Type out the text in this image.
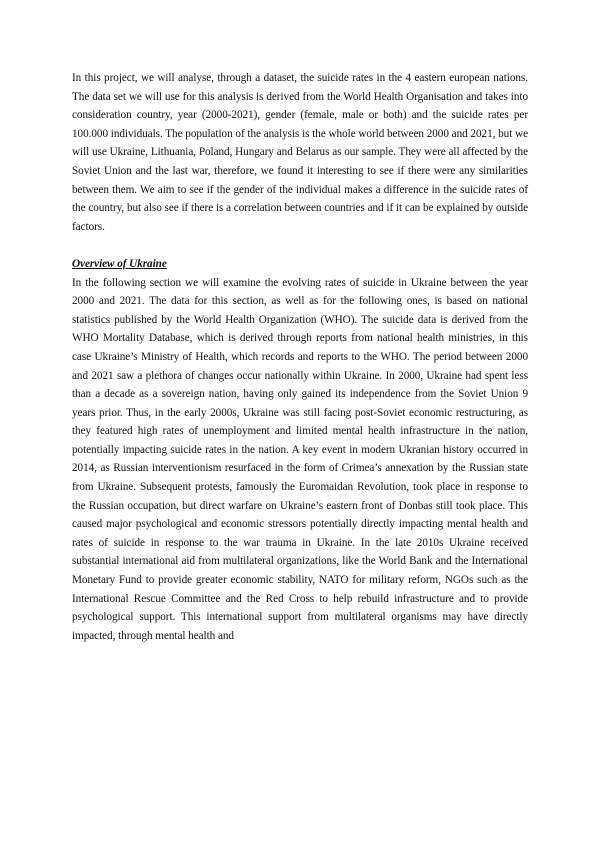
In this project, we will analyse, through a dataset, the suicide rates in the 4 eastern european nations. The data set we will use for this analysis is derived from the World Health Organisation and takes into consideration country, year (2000-2021), gender (female, male or both) and the suicide rates per 100.000 individuals. The population of the analysis is the whole world between 2000 and 2021, but we will use Ukraine, Lithuania, Poland, Hungary and Belarus as our sample. They were all affected by the Soviet Union and the last war, therefore, we found it interesting to see if there were any similarities between them. We aim to see if the gender of the individual makes a difference in the suicide rates of the country, but also see if there is a correlation between countries and if it can be explained by outside factors.

Overview of Ukraine

In the following section we will examine the evolving rates of suicide in Ukraine between the year 2000 and 2021. The data for this section, as well as for the following ones, is based on national statistics published by the World Health Organization (WHO). The suicide data is derived from the WHO Mortality Database, which is derived through reports from national health ministries, in this case Ukraine’s Ministry of Health, which records and reports to the WHO. The period between 2000 and 2021 saw a plethora of changes occur nationally within Ukraine. In 2000, Ukraine had spent less than a decade as a sovereign nation, having only gained its independence from the Soviet Union 9 years prior. Thus, in the early 2000s, Ukraine was still facing post-Soviet economic restructuring, as they featured high rates of unemployment and limited mental health infrastructure in the nation, potentially impacting suicide rates in the nation. A key event in modern Ukranian history occurred in 2014, as Russian interventionism resurfaced in the form of Crimea’s annexation by the Russian state from Ukraine. Subsequent protests, famously the Euromaidan Revolution, took place in response to the Russian occupation, but direct warfare on Ukraine’s eastern front of Donbas still took place. This caused major psychological and economic stressors potentially directly impacting mental health and rates of suicide in response to the war trauma in Ukraine. In the late 2010s Ukraine received substantial international aid from multilateral organizations, like the World Bank and the International Monetary Fund to provide greater economic stability, NATO for military reform, NGOs such as the International Rescue Committee and the Red Cross to help rebuild infrastructure and to provide psychological support. This international support from multilateral organisms may have directly impacted, through mental health and
